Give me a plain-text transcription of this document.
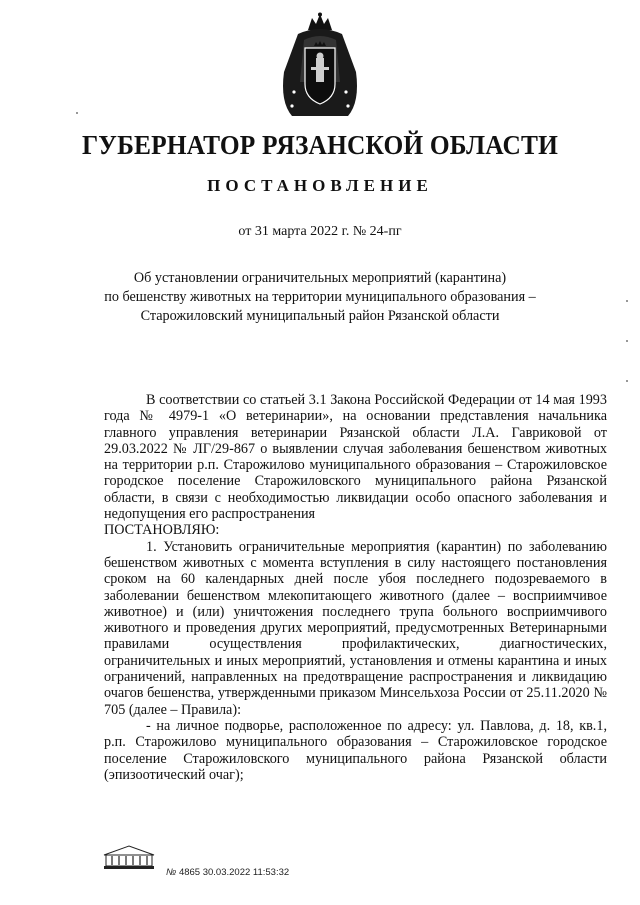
ГУБЕРНАТОР РЯЗАНСКОЙ ОБЛАСТИ
ПОСТАНОВЛЕНИЕ
от 31 марта 2022 г. № 24-пг
Об установлении ограничительных мероприятий (карантина)
по бешенству животных на территории муниципального образования –
Старожиловский муниципальный район Рязанской области

В соответствии со статьей 3.1 Закона Российской Федерации от 14 мая 1993 года № 4979-1 «О ветеринарии», на основании представления начальника главного управления ветеринарии Рязанской области Л.А. Гавриковой от 29.03.2022 № ЛГ/29-867 о выявлении случая заболевания бешенством животных на территории р.п. Старожилово муниципального образования – Старожиловское городское поселение Старожиловского муниципального района Рязанской области, в связи с необходимостью ликвидации особо опасного заболевания и недопущения его распространения

ПОСТАНОВЛЯЮ:

1. Установить ограничительные мероприятия (карантин) по заболеванию бешенством животных с момента вступления в силу настоящего постановления сроком на 60 календарных дней после убоя последнего подозреваемого в заболевании бешенством млекопитающего животного (далее – восприимчивое животное) и (или) уничтожения последнего трупа больного восприимчивого животного и проведения других мероприятий, предусмотренных Ветеринарными правилами осуществления профилактических, диагностических, ограничительных и иных мероприятий, установления и отмены карантина и иных ограничений, направленных на предотвращение распространения и ликвидацию очагов бешенства, утвержденными приказом Минсельхоза России от 25.11.2020 № 705 (далее – Правила):

- на личное подворье, расположенное по адресу: ул. Павлова, д. 18, кв.1, р.п. Старожилово муниципального образования – Старожиловское городское поселение Старожиловского муниципального района Рязанской области (эпизоотический очаг);

№ 4865 30.03.2022 11:53:32
